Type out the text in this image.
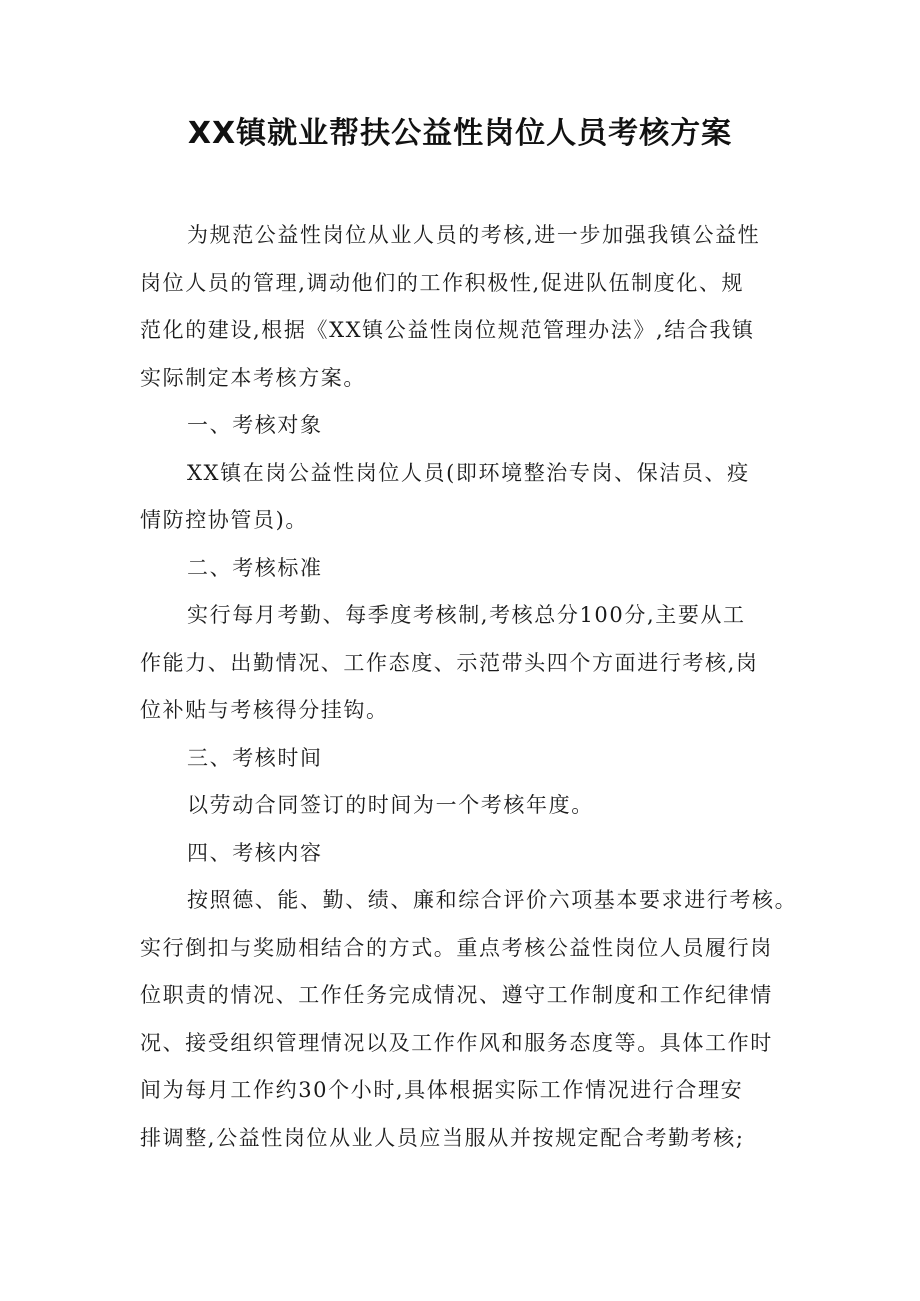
XX镇就业帮扶公益性岗位人员考核方案
为规范公益性岗位从业人员的考核,进一步加强我镇公益性
岗位人员的管理,调动他们的工作积极性,促进队伍制度化、规
范化的建设,根据《XX镇公益性岗位规范管理办法》,结合我镇
实际制定本考核方案。
一、考核对象
XX镇在岗公益性岗位人员(即环境整治专岗、保洁员、疫
情防控协管员)。
二、考核标准
实行每月考勤、每季度考核制,考核总分100分,主要从工
作能力、出勤情况、工作态度、示范带头四个方面进行考核,岗
位补贴与考核得分挂钩。
三、考核时间
以劳动合同签订的时间为一个考核年度。
四、考核内容
按照德、能、勤、绩、廉和综合评价六项基本要求进行考核。
实行倒扣与奖励相结合的方式。重点考核公益性岗位人员履行岗
位职责的情况、工作任务完成情况、遵守工作制度和工作纪律情
况、接受组织管理情况以及工作作风和服务态度等。具体工作时
间为每月工作约30个小时,具体根据实际工作情况进行合理安
排调整,公益性岗位从业人员应当服从并按规定配合考勤考核;
